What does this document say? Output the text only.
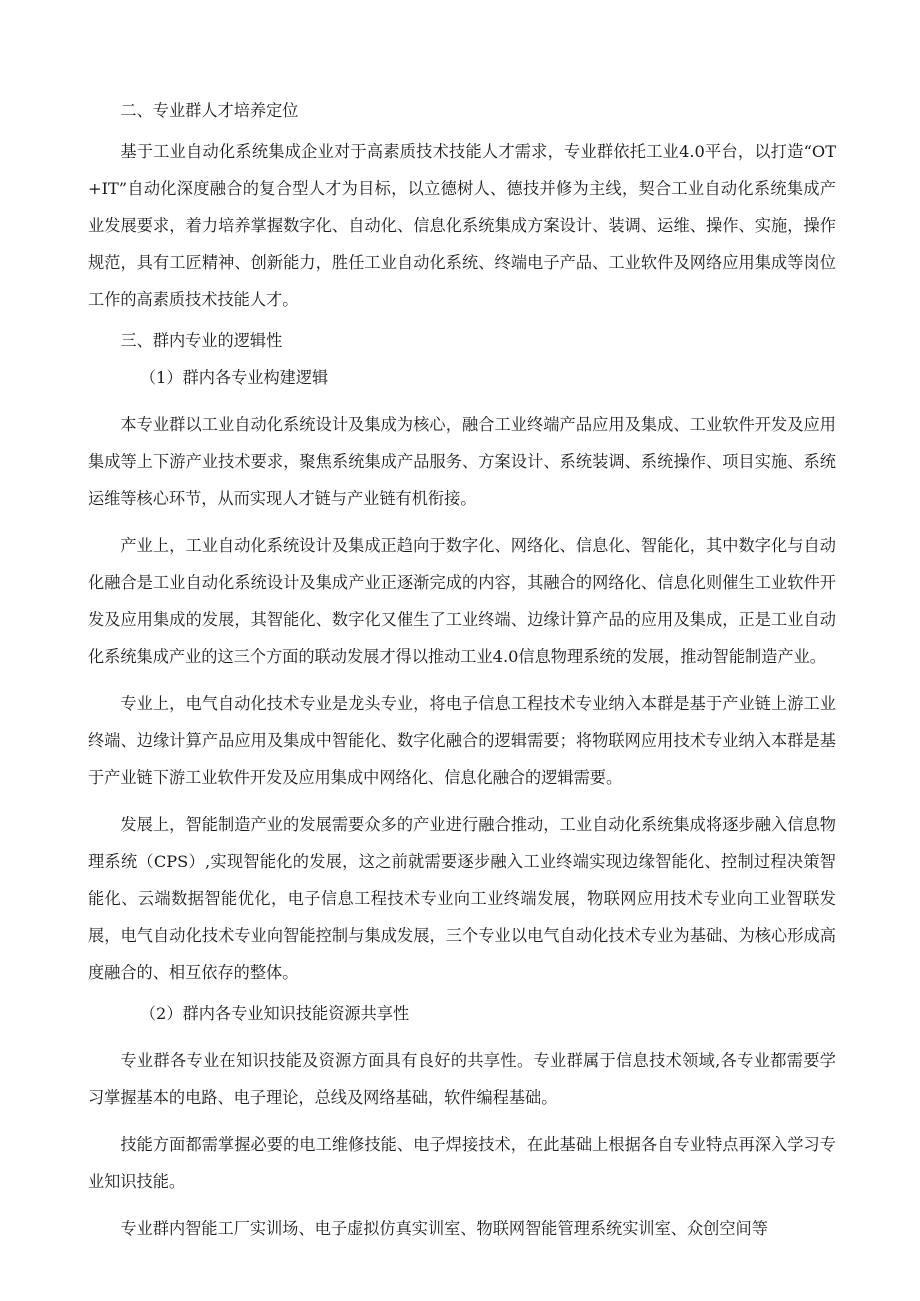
二、专业群人才培养定位

基于工业自动化系统集成企业对于高素质技术技能人才需求，专业群依托工业4.0平台，以打造“OT+IT”自动化深度融合的复合型人才为目标，以立德树人、德技并修为主线，契合工业自动化系统集成产业发展要求，着力培养掌握数字化、自动化、信息化系统集成方案设计、装调、运维、操作、实施，操作规范，具有工匠精神、创新能力，胜任工业自动化系统、终端电子产品、工业软件及网络应用集成等岗位工作的高素质技术技能人才。

三、群内专业的逻辑性

（1）群内各专业构建逻辑

本专业群以工业自动化系统设计及集成为核心，融合工业终端产品应用及集成、工业软件开发及应用集成等上下游产业技术要求，聚焦系统集成产品服务、方案设计、系统装调、系统操作、项目实施、系统运维等核心环节，从而实现人才链与产业链有机衔接。

产业上，工业自动化系统设计及集成正趋向于数字化、网络化、信息化、智能化，其中数字化与自动化融合是工业自动化系统设计及集成产业正逐渐完成的内容，其融合的网络化、信息化则催生工业软件开发及应用集成的发展，其智能化、数字化又催生了工业终端、边缘计算产品的应用及集成，正是工业自动化系统集成产业的这三个方面的联动发展才得以推动工业4.0信息物理系统的发展，推动智能制造产业。

专业上，电气自动化技术专业是龙头专业，将电子信息工程技术专业纳入本群是基于产业链上游工业终端、边缘计算产品应用及集成中智能化、数字化融合的逻辑需要；将物联网应用技术专业纳入本群是基于产业链下游工业软件开发及应用集成中网络化、信息化融合的逻辑需要。

发展上，智能制造产业的发展需要众多的产业进行融合推动，工业自动化系统集成将逐步融入信息物理系统（CPS）,实现智能化的发展，这之前就需要逐步融入工业终端实现边缘智能化、控制过程决策智能化、云端数据智能优化，电子信息工程技术专业向工业终端发展，物联网应用技术专业向工业智联发展，电气自动化技术专业向智能控制与集成发展，三个专业以电气自动化技术专业为基础、为核心形成高度融合的、相互依存的整体。

（2）群内各专业知识技能资源共享性

专业群各专业在知识技能及资源方面具有良好的共享性。专业群属于信息技术领域,各专业都需要学习掌握基本的电路、电子理论，总线及网络基础，软件编程基础。

技能方面都需掌握必要的电工维修技能、电子焊接技术，在此基础上根据各自专业特点再深入学习专业知识技能。

专业群内智能工厂实训场、电子虚拟仿真实训室、物联网智能管理系统实训室、众创空间等
